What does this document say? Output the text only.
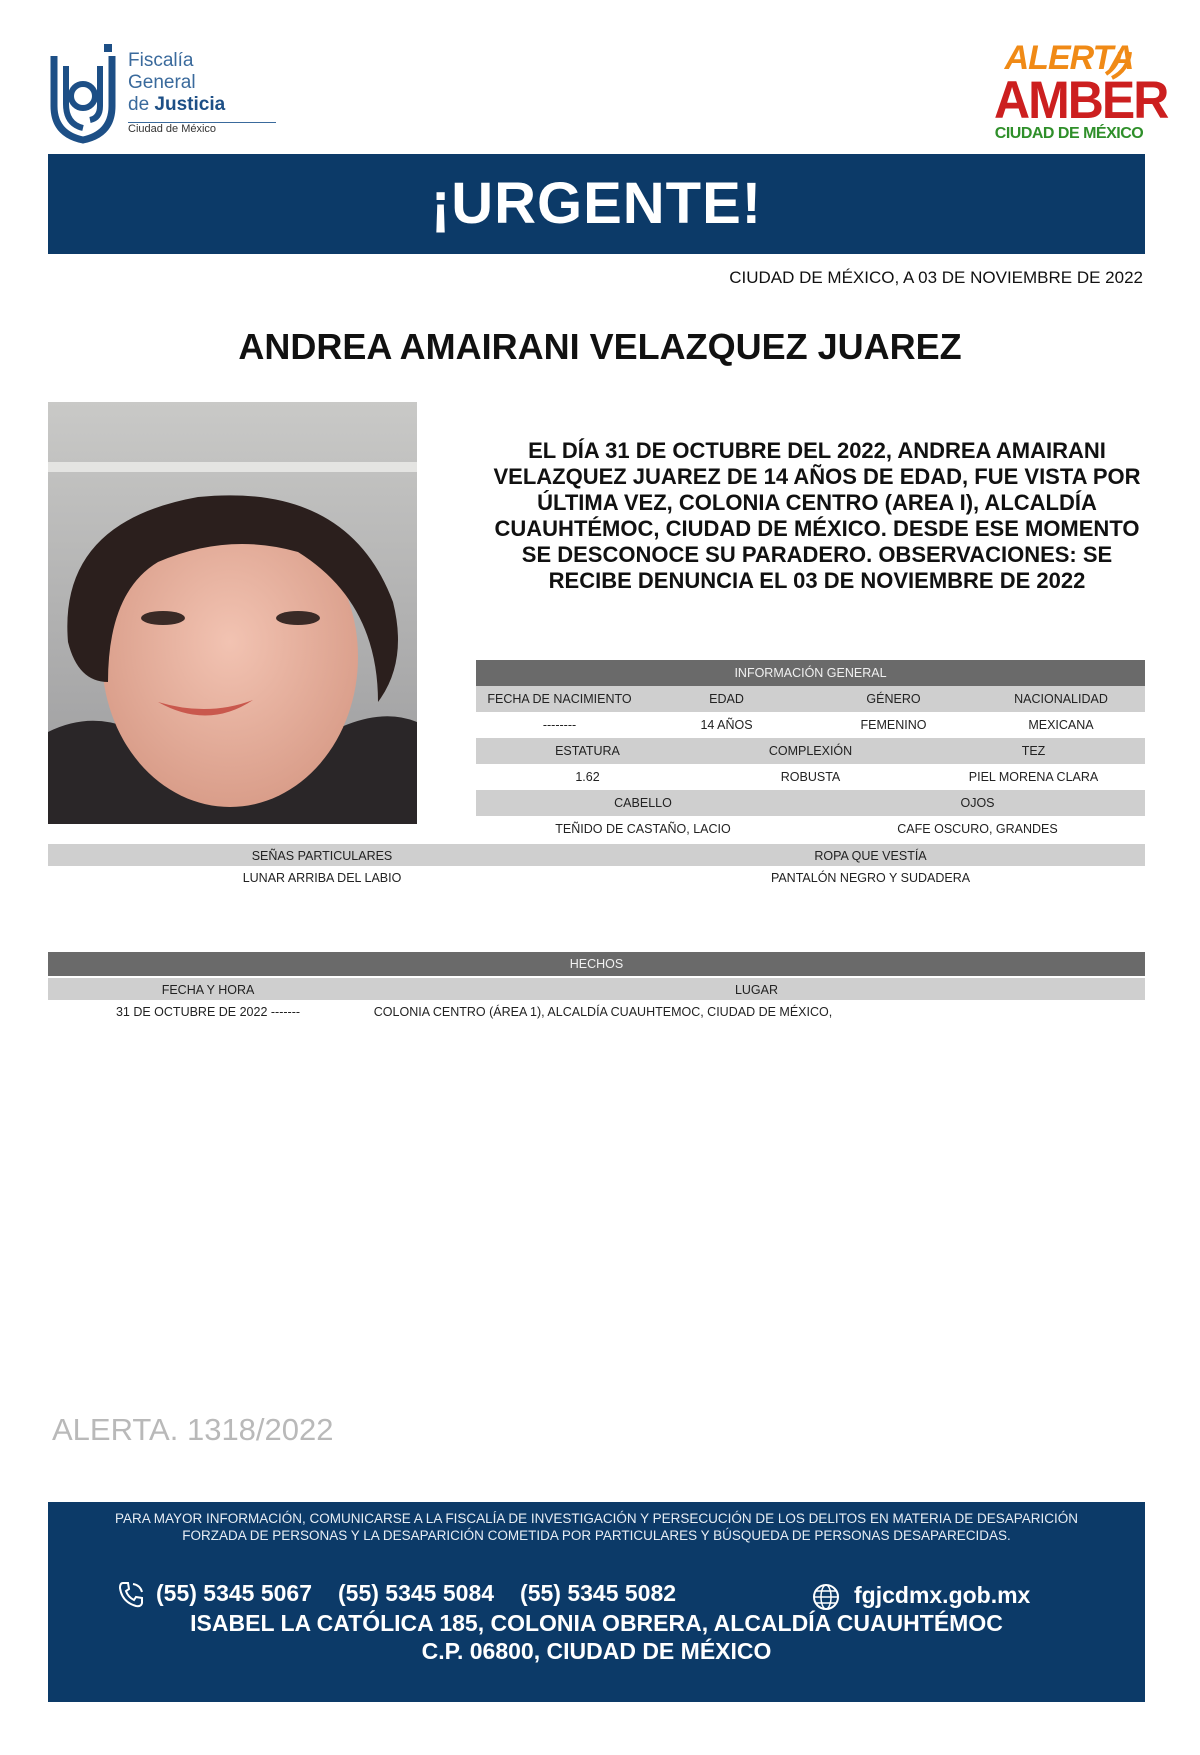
Fiscalía
General
de Justicia
Ciudad de México
ALERTA
AMBER
CIUDAD DE MÉXICO
¡URGENTE!
CIUDAD DE MÉXICO, A 03 DE NOVIEMBRE DE 2022
ANDREA AMAIRANI VELAZQUEZ JUAREZ
EL DÍA 31 DE OCTUBRE DEL 2022, ANDREA AMAIRANI VELAZQUEZ JUAREZ DE 14 AÑOS DE EDAD, FUE VISTA POR ÚLTIMA VEZ, COLONIA CENTRO (AREA I), ALCALDÍA CUAUHTÉMOC, CIUDAD DE MÉXICO. DESDE ESE MOMENTO SE DESCONOCE SU PARADERO. OBSERVACIONES: SE RECIBE DENUNCIA EL 03 DE NOVIEMBRE DE 2022
INFORMACIÓN GENERAL
FECHA DE NACIMIENTO	EDAD	GÉNERO	NACIONALIDAD
--------	14 AÑOS	FEMENINO	MEXICANA
ESTATURA	COMPLEXIÓN	TEZ
1.62	ROBUSTA	PIEL MORENA CLARA
CABELLO	OJOS
TEÑIDO DE CASTAÑO, LACIO	CAFE OSCURO, GRANDES
SEÑAS PARTICULARES	ROPA QUE VESTÍA
LUNAR ARRIBA DEL LABIO	PANTALÓN NEGRO Y SUDADERA
HECHOS
FECHA Y HORA	LUGAR
31 DE OCTUBRE DE 2022 -------	COLONIA CENTRO (ÁREA 1), ALCALDÍA CUAUHTEMOC, CIUDAD DE MÉXICO,
ALERTA. 1318/2022
PARA MAYOR INFORMACIÓN, COMUNICARSE A LA FISCALÍA DE INVESTIGACIÓN Y PERSECUCIÓN DE LOS DELITOS EN MATERIA DE DESAPARICIÓN
FORZADA DE PERSONAS Y LA DESAPARICIÓN COMETIDA POR PARTICULARES Y BÚSQUEDA DE PERSONAS DESAPARECIDAS.
(55) 5345 5067 (55) 5345 5084 (55) 5345 5082	fgjcdmx.gob.mx
ISABEL LA CATÓLICA 185, COLONIA OBRERA, ALCALDÍA CUAUHTÉMOC
C.P. 06800, CIUDAD DE MÉXICO
